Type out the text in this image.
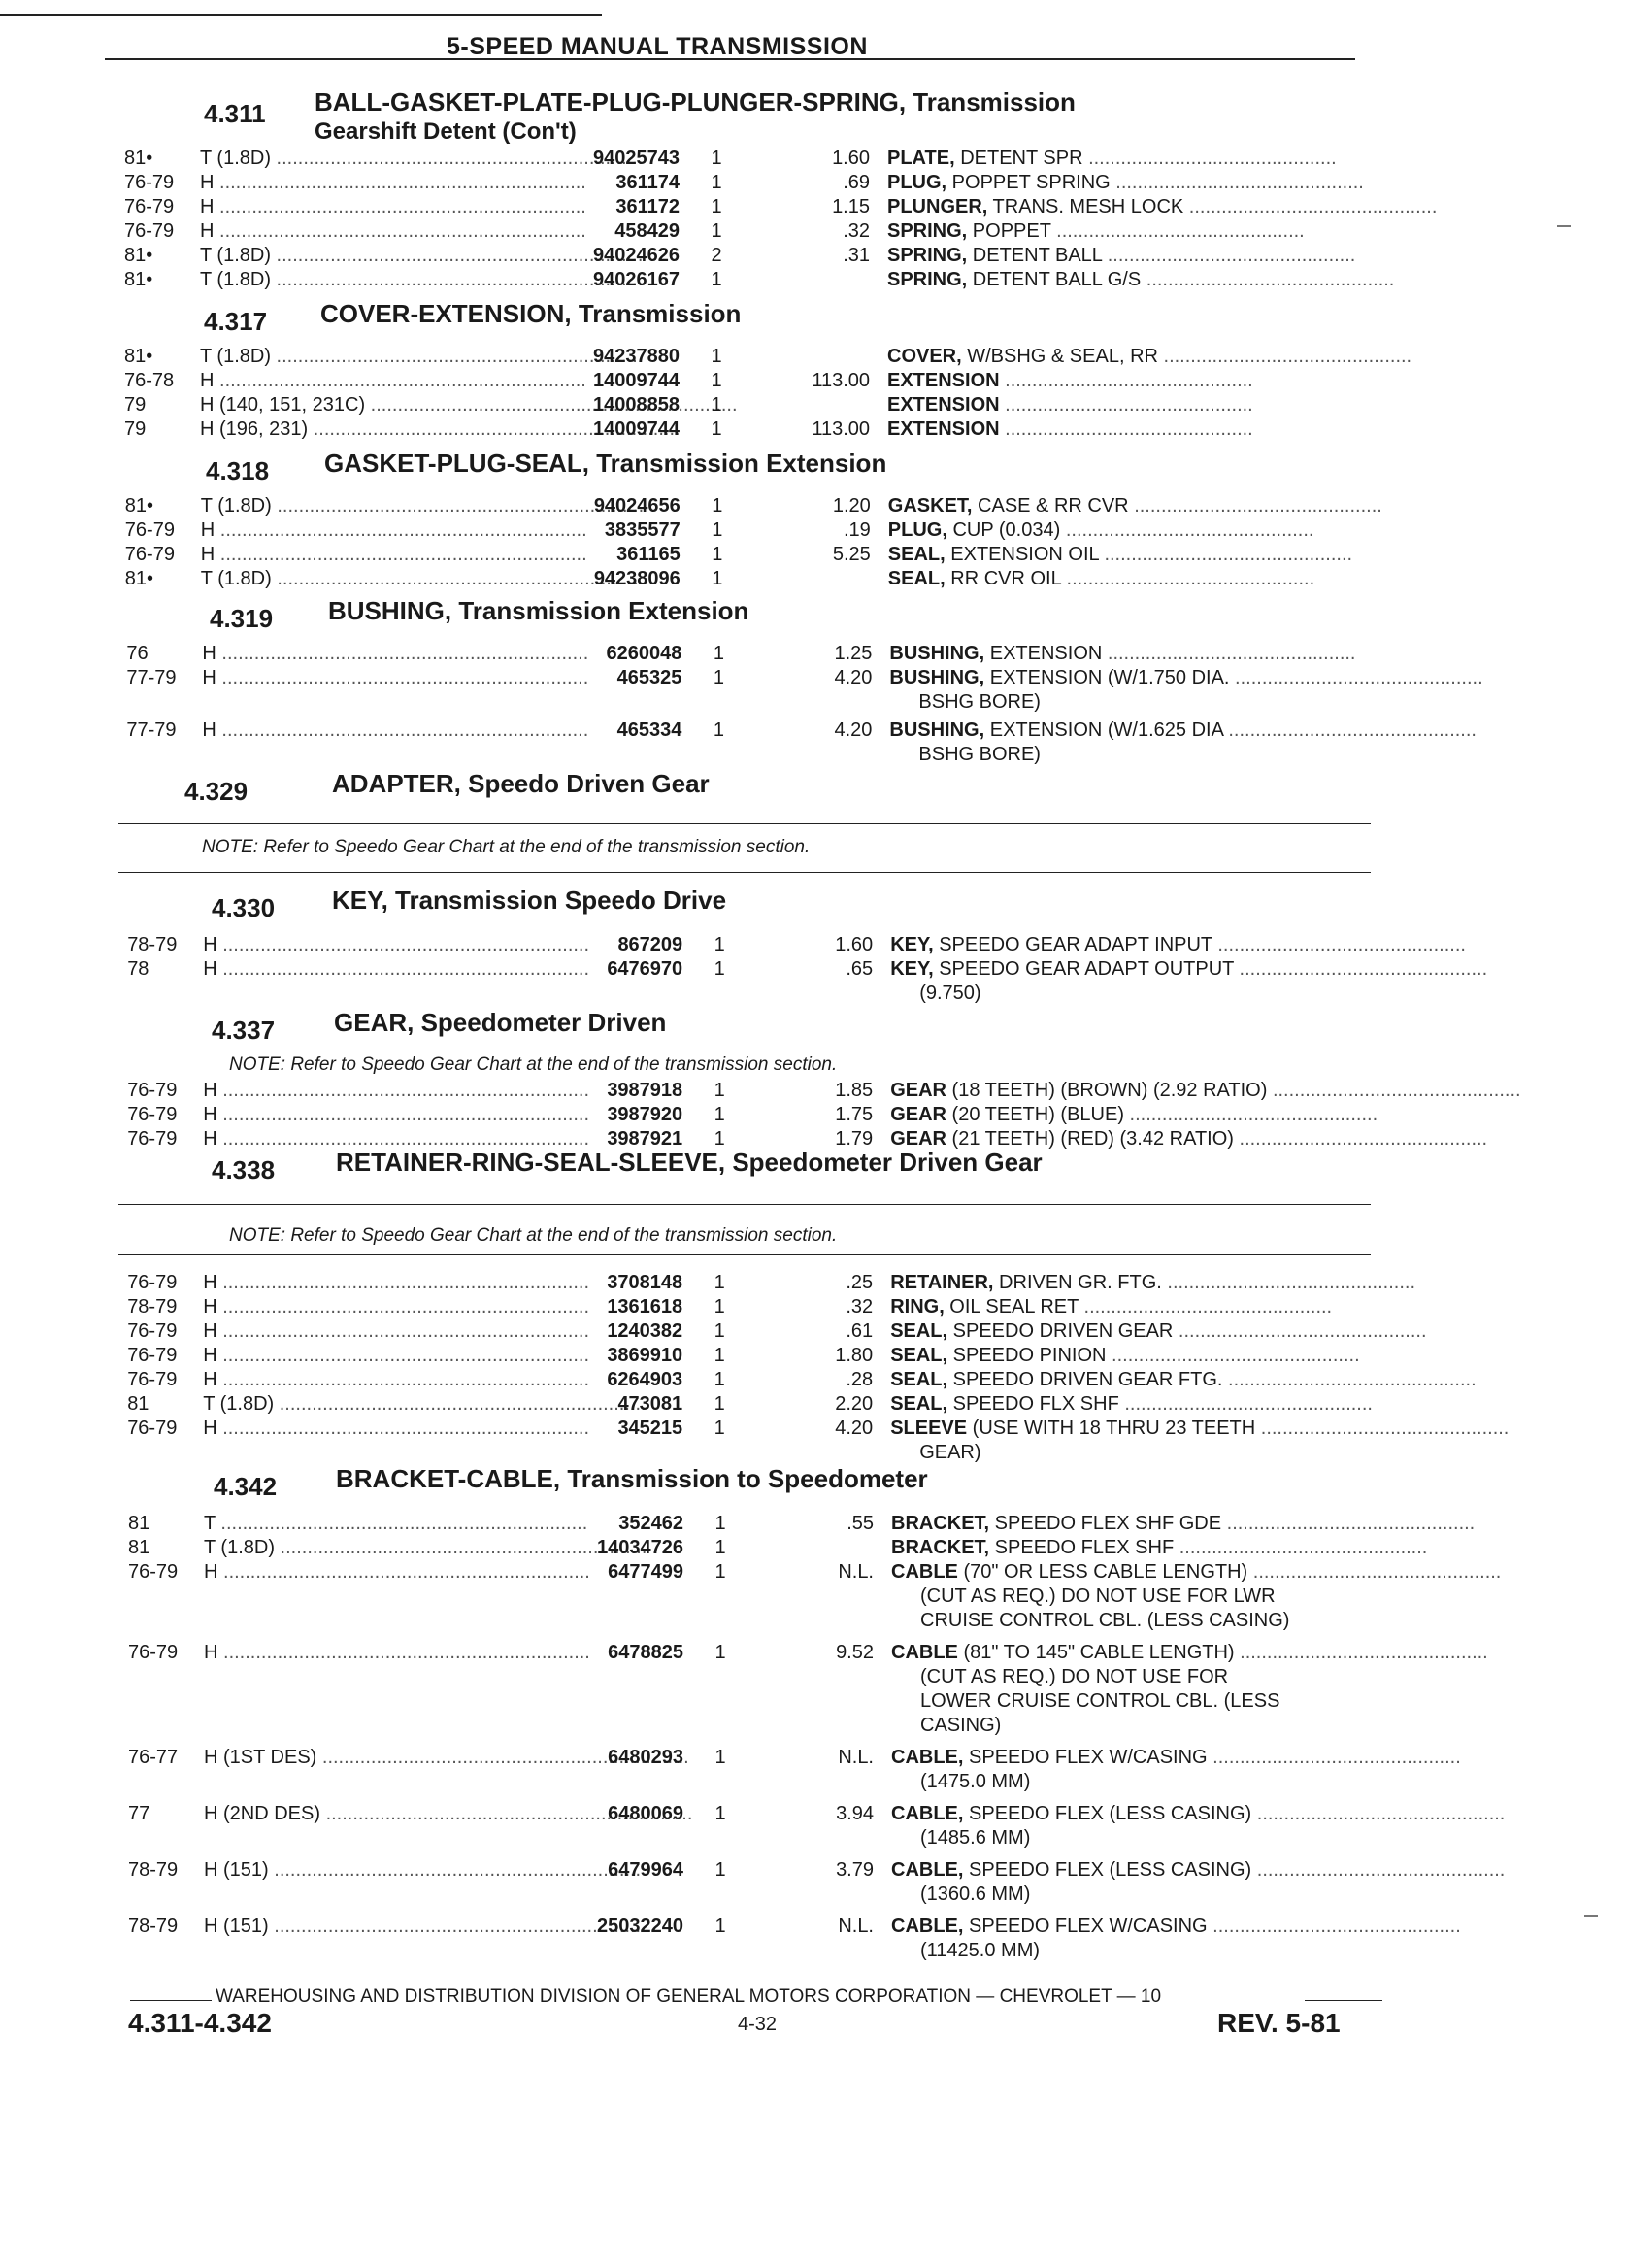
5-SPEED MANUAL TRANSMISSION
4.311 BALL-GASKET-PLATE-PLUG-PLUNGER-SPRING, Transmission
Gearshift Detent (Con't)
81• T (1.8D) .....	94025743 1	1.60 PLATE, DETENT SPR ..............................................
76-79 H .....	361174 1	.69 PLUG, POPPET SPRING ..............................................
76-79 H .....	361172 1	1.15 PLUNGER, TRANS. MESH LOCK ..............................................
76-79 H .....	458429 1	.32 SPRING, POPPET ..............................................
81• T (1.8D) .....	94024626 2	.31 SPRING, DETENT BALL ..............................................
81• T (1.8D) .....	94026167 1	SPRING, DETENT BALL G/S ..............................................
4.317 COVER-EXTENSION, Transmission
81• T (1.8D) .....	94237880 1	COVER, W/BSHG & SEAL, RR ..............................................
76-78 H .....	14009744 1	113.00 EXTENSION ..............................................
79	H (140, 151, 231C) .....	14008858 1	EXTENSION ..............................................
79	H (196, 231) .....	14009744 1	113.00 EXTENSION ..............................................
4.318 GASKET-PLUG-SEAL, Transmission Extension
81• T (1.8D) .....	94024656 1	1.20 GASKET, CASE & RR CVR ..............................................
76-79 H .....	3835577 1	.19 PLUG, CUP (0.034) ..............................................
76-79 H .....	361165 1	5.25 SEAL, EXTENSION OIL ..............................................
81• T (1.8D) .....	94238096 1	SEAL, RR CVR OIL ..............................................
4.319 BUSHING, Transmission Extension
76	H .....	6260048 1	1.25 BUSHING, EXTENSION ..............................................
77-79 H .....	465325 1	4.20 BUSHING, EXTENSION (W/1.750 DIA. ..............................................
BSHG BORE)
77-79 H .....	465334 1	4.20 BUSHING, EXTENSION (W/1.625 DIA ..............................................
BSHG BORE)
4.329	ADAPTER, Speedo Driven Gear
NOTE: Refer to Speedo Gear Chart at the end of the transmission section.
4.330 KEY, Transmission Speedo Drive
78-79 H .....	867209 1	1.60 KEY, SPEEDO GEAR ADAPT INPUT ..............................................
78	H .....	6476970 1	.65 KEY, SPEEDO GEAR ADAPT OUTPUT ..............................................
(9.750)
4.337 GEAR, Speedometer Driven
NOTE: Refer to Speedo Gear Chart at the end of the transmission section.
76-79 H .....	3987918 1	1.85 GEAR (18 TEETH) (BROWN) (2.92 RATIO) ..............................................
76-79 H .....	3987920 1	1.75 GEAR (20 TEETH) (BLUE) ..............................................
76-79 H .....	3987921 1	1.79 GEAR (21 TEETH) (RED) (3.42 RATIO) ..............................................
4.338 RETAINER-RING-SEAL-SLEEVE, Speedometer Driven Gear
NOTE: Refer to Speedo Gear Chart at the end of the transmission section.
76-79 H .....	3708148 1	.25 RETAINER, DRIVEN GR. FTG. ..............................................
78-79 H .....	1361618 1	.32 RING, OIL SEAL RET ..............................................
76-79 H .....	1240382 1	.61 SEAL, SPEEDO DRIVEN GEAR ..............................................
76-79 H .....	3869910 1	1.80 SEAL, SPEEDO PINION ..............................................
76-79 H .....	6264903 1	.28 SEAL, SPEEDO DRIVEN GEAR FTG. ..............................................
81	T (1.8D) .....	473081 1	2.20 SEAL, SPEEDO FLX SHF ..............................................
76-79 H .....	345215 1	4.20 SLEEVE (USE WITH 18 THRU 23 TEETH ..............................................
GEAR)
4.342 BRACKET-CABLE, Transmission to Speedometer
81	T .....	352462 1	.55 BRACKET, SPEEDO FLEX SHF GDE ..............................................
81	T (1.8D) .....	14034726 1	BRACKET, SPEEDO FLEX SHF ..............................................
76-79 H .....	6477499 1	N.L. CABLE (70" OR LESS CABLE LENGTH) ..............................................
(CUT AS REQ.) DO NOT USE FOR LWR
CRUISE CONTROL CBL. (LESS CASING)
76-79 H .....	6478825 1	9.52 CABLE (81" TO 145" CABLE LENGTH) ..............................................
(CUT AS REQ.) DO NOT USE FOR
LOWER CRUISE CONTROL CBL. (LESS
CASING)
76-77 H (1ST DES) .....	6480293 1	N.L. CABLE, SPEEDO FLEX W/CASING ..............................................
(1475.0 MM)
77	H (2ND DES) .....	6480069 1	3.94 CABLE, SPEEDO FLEX (LESS CASING) ..............................................
(1485.6 MM)
78-79 H (151) .....	6479964 1	3.79 CABLE, SPEEDO FLEX (LESS CASING) ..............................................
(1360.6 MM)
78-79 H (151) .....	25032240 1	N.L. CABLE, SPEEDO FLEX W/CASING ..............................................
(11425.0 MM)
WAREHOUSING AND DISTRIBUTION DIVISION OF GENERAL MOTORS CORPORATION — CHEVROLET — 10
4.311-4.342	4-32	REV. 5-81
